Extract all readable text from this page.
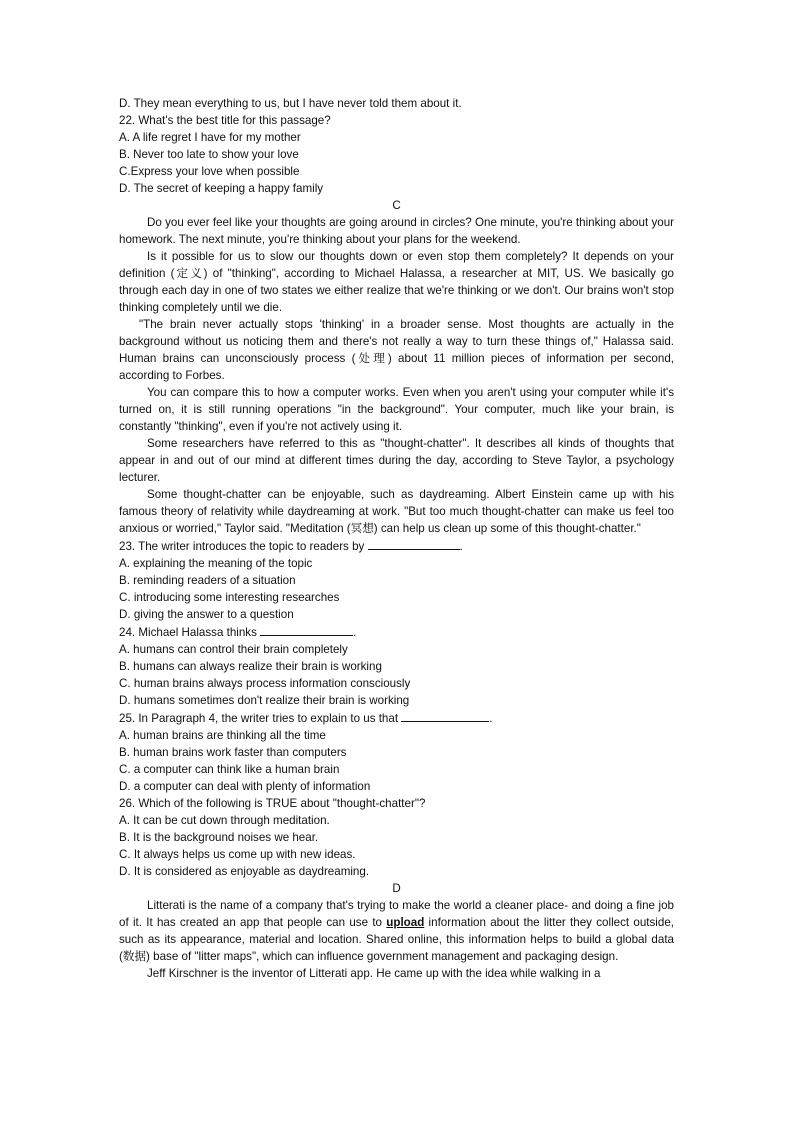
D. They mean everything to us, but I have never told them about it.

22. What's the best title for this passage?

A. A life regret I have for my mother

B. Never too late to show your love

C.Express your love when possible

D. The secret of keeping a happy family

C

Do you ever feel like your thoughts are going around in circles? One minute, you're thinking about your homework. The next minute, you're thinking about your plans for the weekend.

Is it possible for us to slow our thoughts down or even stop them completely? It depends on your definition (定义) of "thinking", according to Michael Halassa, a researcher at MIT, US. We basically go through each day in one of two states we either realize that we're thinking or we don't. Our brains won't stop thinking completely until we die.

"The brain never actually stops 'thinking' in a broader sense. Most thoughts are actually in the background without us noticing them and there's not really a way to turn these things of," Halassa said. Human brains can unconsciously process (处理) about 11 million pieces of information per second, according to Forbes.

You can compare this to how a computer works. Even when you aren't using your computer while it's turned on, it is still running operations "in the background". Your computer, much like your brain, is constantly "thinking", even if you're not actively using it.

Some researchers have referred to this as "thought-chatter". It describes all kinds of thoughts that appear in and out of our mind at different times during the day, according to Steve Taylor, a psychology lecturer.

Some thought-chatter can be enjoyable, such as daydreaming. Albert Einstein came up with his famous theory of relativity while daydreaming at work. "But too much thought-chatter can make us feel too anxious or worried," Taylor said. "Meditation (冥想) can help us clean up some of this thought-chatter."

23. The writer introduces the topic to readers by	.

A. explaining the meaning of the topic

B. reminding readers of a situation

C. introducing some interesting researches

D. giving the answer to a question

24. Michael Halassa thinks	.

A. humans can control their brain completely

B. humans can always realize their brain is working

C. human brains always process information consciously

D. humans sometimes don't realize their brain is working

25. In Paragraph 4, the writer tries to explain to us that	.

A. human brains are thinking all the time

B. human brains work faster than computers

C. a computer can think like a human brain

D. a computer can deal with plenty of information

26. Which of the following is TRUE about "thought-chatter"?

A. It can be cut down through meditation.

B. It is the background noises we hear.

C. It always helps us come up with new ideas.

D. It is considered as enjoyable as daydreaming.

D

Litterati is the name of a company that's trying to make the world a cleaner place- and doing a fine job of it. It has created an app that people can use to upload information about the litter they collect outside, such as its appearance, material and location. Shared online, this information helps to build a global data (数据) base of "litter maps", which can influence government management and packaging design.

Jeff Kirschner is the inventor of Litterati app. He came up with the idea while walking in a
